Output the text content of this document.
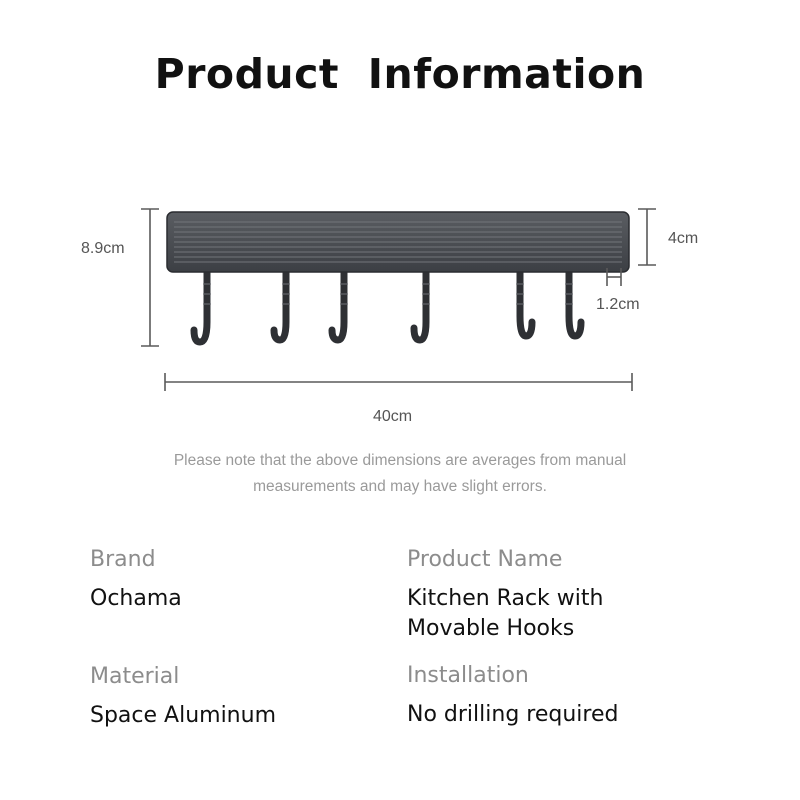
Product Information
8.9cm
4cm
1.2cm
40cm
Please note that the above dimensions are averages from manual
measurements and may have slight errors.
Brand
Ochama
Product Name
Kitchen Rack with
Movable Hooks
Material
Space Aluminum
Installation
No drilling required
